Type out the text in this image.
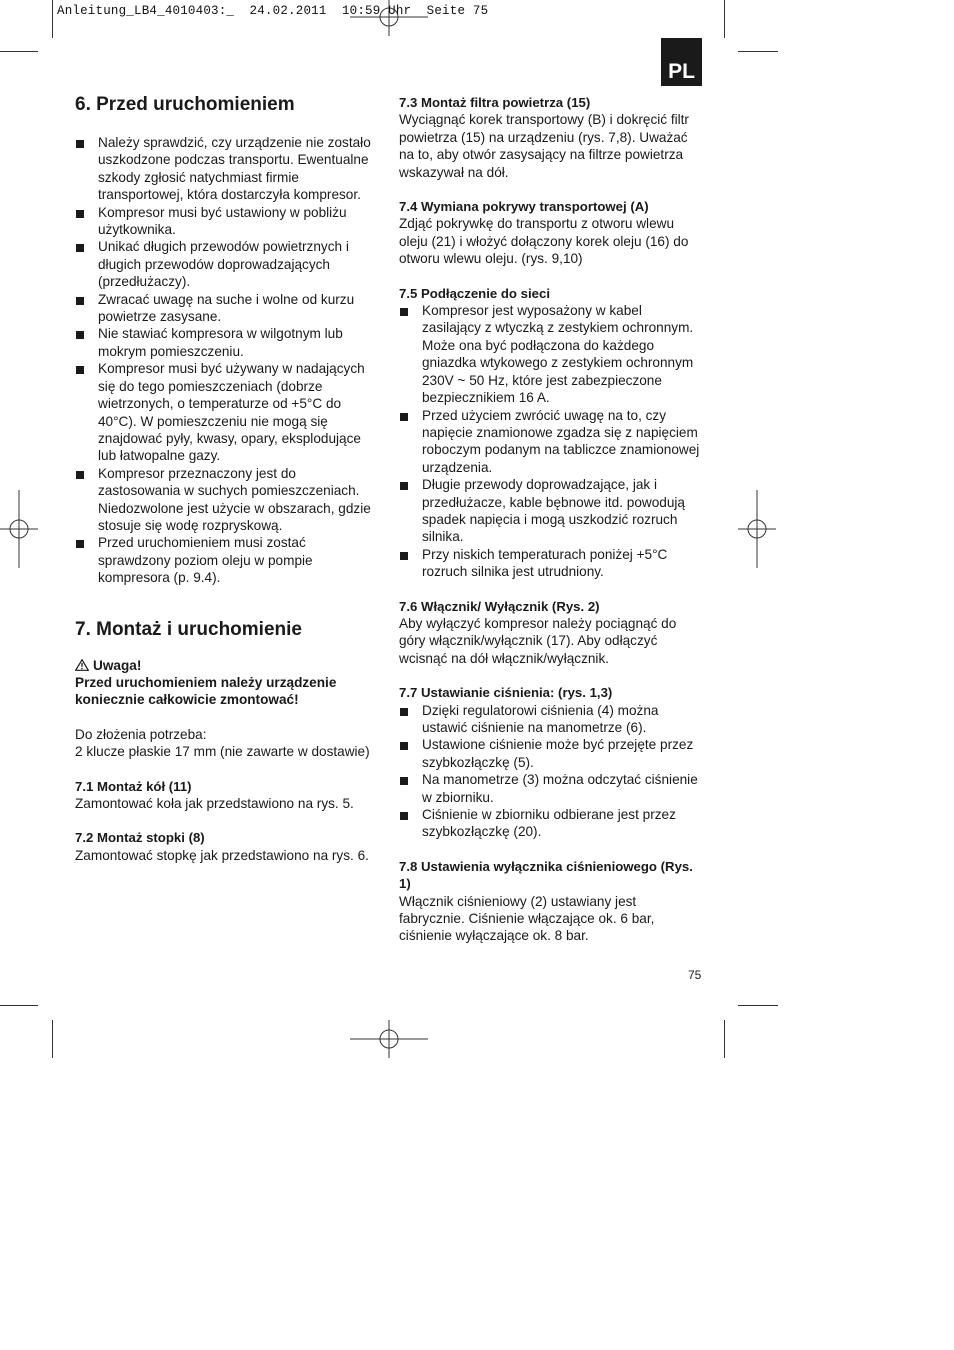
Anleitung_LB4_4010403:_  24.02.2011  10:59 Uhr  Seite 75
PL
6. Przed uruchomieniem
Należy sprawdzić, czy urządzenie nie zostało uszkodzone podczas transportu. Ewentualne szkody zgłosić natychmiast firmie transportowej, która dostarczyła kompresor.
Kompresor musi być ustawiony w pobliżu użytkownika.
Unikać długich przewodów powietrznych i długich przewodów doprowadzających (przedłużaczy).
Zwracać uwagę na suche i wolne od kurzu powietrze zasysane.
Nie stawiać kompresora w wilgotnym lub mokrym pomieszczeniu.
Kompresor musi być używany w nadających się do tego pomieszczeniach (dobrze wietrzonych, o temperaturze od +5°C do 40°C). W pomieszczeniu nie mogą się znajdować pyły, kwasy, opary, eksplodujące lub łatwopalne gazy.
Kompresor przeznaczony jest do zastosowania w suchych pomieszczeniach. Niedozwolone jest użycie w obszarach, gdzie stosuje się wodę rozpryskową.
Przed uruchomieniem musi zostać sprawdzony poziom oleju w pompie kompresora (p. 9.4).
7. Montaż i uruchomienie
Uwaga!

Przed uruchomieniem należy urządzenie koniecznie całkowicie zmontować!

Do złożenia potrzeba:

2 klucze płaskie 17 mm (nie zawarte w dostawie)

7.1 Montaż kół (11)

Zamontować koła jak przedstawiono na rys. 5.

7.2 Montaż stopki (8)

Zamontować stopkę jak przedstawiono na rys. 6.

7.3 Montaż filtra powietrza (15)

Wyciągnąć korek transportowy (B) i dokręcić filtr powietrza (15) na urządzeniu (rys. 7,8). Uważać na to, aby otwór zasysający na filtrze powietrza wskazywał na dół.

7.4 Wymiana pokrywy transportowej (A)

Zdjąć pokrywkę do transportu z otworu wlewu oleju (21) i włożyć dołączony korek oleju (16) do otworu wlewu oleju. (rys. 9,10)

7.5 Podłączenie do sieci
Kompresor jest wyposażony w kabel zasilający z wtyczką z zestykiem ochronnym. Może ona być podłączona do każdego gniazdka wtykowego z zestykiem ochronnym 230V ~ 50 Hz, które jest zabezpieczone bezpiecznikiem 16 A.
Przed użyciem zwrócić uwagę na to, czy napięcie znamionowe zgadza się z napięciem roboczym podanym na tabliczce znamionowej urządzenia.
Długie przewody doprowadzające, jak i przedłużacze, kable bębnowe itd. powodują spadek napięcia i mogą uszkodzić rozruch silnika.
Przy niskich temperaturach poniżej +5°C rozruch silnika jest utrudniony.
7.6 Włącznik/ Wyłącznik (Rys. 2)

Aby wyłączyć kompresor należy pociągnąć do góry włącznik/wyłącznik (17). Aby odłączyć wcisnąć na dół włącznik/wyłącznik.

7.7 Ustawianie ciśnienia: (rys. 1,3)
Dzięki regulatorowi ciśnienia (4) można ustawić ciśnienie na manometrze (6).
Ustawione ciśnienie może być przejęte przez szybkozłączkę (5).
Na manometrze (3) można odczytać ciśnienie w zbiorniku.
Ciśnienie w zbiorniku odbierane jest przez szybkozłączkę (20).
7.8 Ustawienia wyłącznika ciśnieniowego (Rys. 1)

Włącznik ciśnieniowy (2) ustawiany jest fabrycznie. Ciśnienie włączające ok. 6 bar, ciśnienie wyłączające ok. 8 bar.

75
